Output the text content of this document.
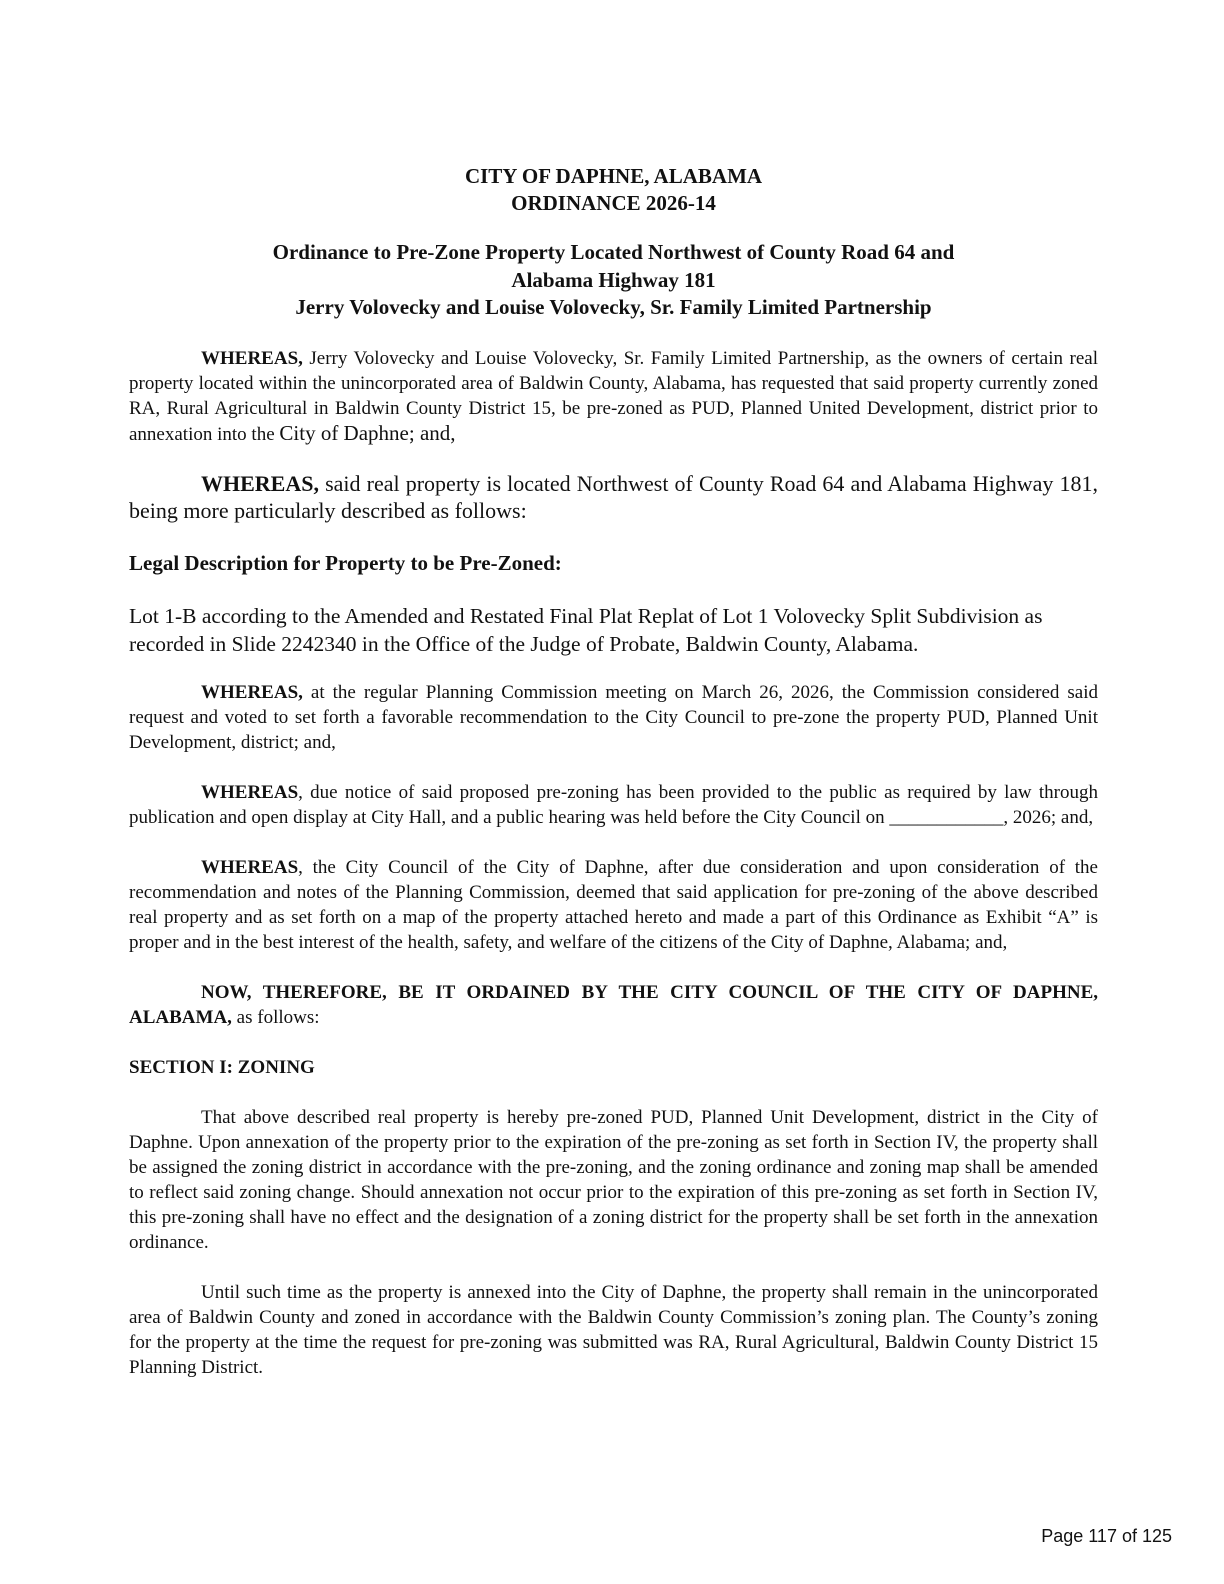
CITY OF DAPHNE, ALABAMA
ORDINANCE 2026-14
Ordinance to Pre-Zone Property Located Northwest of County Road 64 and
Alabama Highway 181
Jerry Volovecky and Louise Volovecky, Sr. Family Limited Partnership

WHEREAS, Jerry Volovecky and Louise Volovecky, Sr. Family Limited Partnership, as the owners of certain real property located within the unincorporated area of Baldwin County, Alabama, has requested that said property currently zoned RA, Rural Agricultural in Baldwin County District 15, be pre-zoned as PUD, Planned United Development, district prior to annexation into the City of Daphne; and,

WHEREAS, said real property is located Northwest of County Road 64 and Alabama Highway 181, being more particularly described as follows:

Legal Description for Property to be Pre-Zoned:

Lot 1-B according to the Amended and Restated Final Plat Replat of Lot 1 Volovecky Split Subdivision as recorded in Slide 2242340 in the Office of the Judge of Probate, Baldwin County, Alabama.

WHEREAS, at the regular Planning Commission meeting on March 26, 2026, the Commission considered said request and voted to set forth a favorable recommendation to the City Council to pre-zone the property PUD, Planned Unit Development, district; and,

WHEREAS, due notice of said proposed pre-zoning has been provided to the public as required by law through publication and open display at City Hall, and a public hearing was held before the City Council on ____________, 2026; and,

WHEREAS, the City Council of the City of Daphne, after due consideration and upon consideration of the recommendation and notes of the Planning Commission, deemed that said application for pre-zoning of the above described real property and as set forth on a map of the property attached hereto and made a part of this Ordinance as Exhibit “A” is proper and in the best interest of the health, safety, and welfare of the citizens of the City of Daphne, Alabama; and,

NOW, THEREFORE, BE IT ORDAINED BY THE CITY COUNCIL OF THE CITY OF DAPHNE, ALABAMA, as follows:

SECTION I: ZONING

That above described real property is hereby pre-zoned PUD, Planned Unit Development, district in the City of Daphne. Upon annexation of the property prior to the expiration of the pre-zoning as set forth in Section IV, the property shall be assigned the zoning district in accordance with the pre-zoning, and the zoning ordinance and zoning map shall be amended to reflect said zoning change. Should annexation not occur prior to the expiration of this pre-zoning as set forth in Section IV, this pre-zoning shall have no effect and the designation of a zoning district for the property shall be set forth in the annexation ordinance.

Until such time as the property is annexed into the City of Daphne, the property shall remain in the unincorporated area of Baldwin County and zoned in accordance with the Baldwin County Commission’s zoning plan. The County’s zoning for the property at the time the request for pre-zoning was submitted was RA, Rural Agricultural, Baldwin County District 15 Planning District.

Page 117 of 125
